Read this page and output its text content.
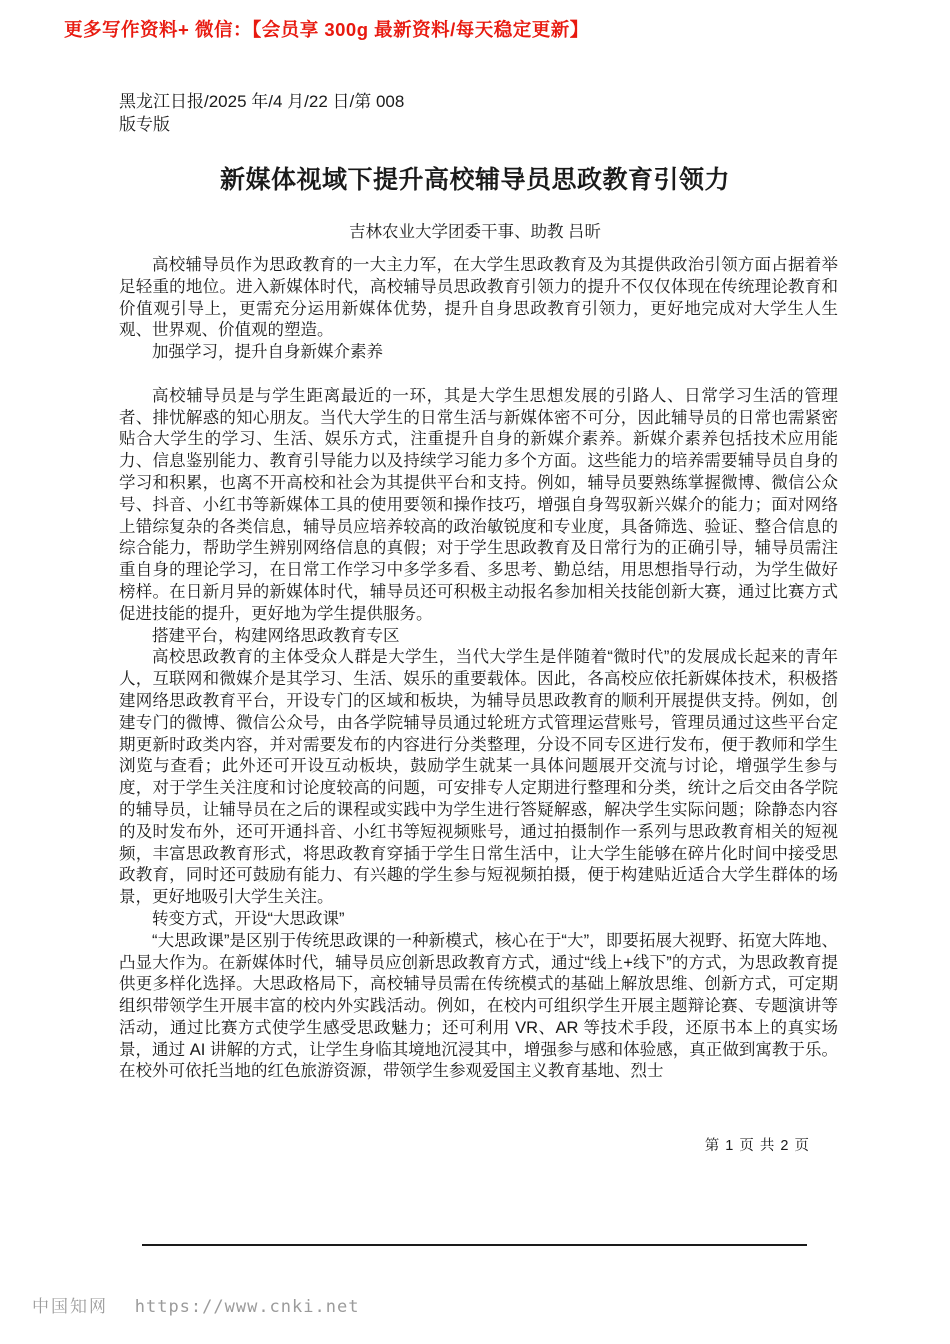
更多写作资料+ 微信：【会员享 300g 最新资料/每天稳定更新】
黑龙江日报/2025 年/4 月/22 日/第 008
版专版
新媒体视域下提升高校辅导员思政教育引领力
吉林农业大学团委干事、助教 吕昕

高校辅导员作为思政教育的一大主力军，在大学生思政教育及为其提供政治引领方面占据着举足轻重的地位。进入新媒体时代，高校辅导员思政教育引领力的提升不仅仅体现在传统理论教育和价值观引导上，更需充分运用新媒体优势，提升自身思政教育引领力，更好地完成对大学生人生观、世界观、价值观的塑造。

加强学习，提升自身新媒介素养

高校辅导员是与学生距离最近的一环，其是大学生思想发展的引路人、日常学习生活的管理者、排忧解惑的知心朋友。当代大学生的日常生活与新媒体密不可分，因此辅导员的日常也需紧密贴合大学生的学习、生活、娱乐方式，注重提升自身的新媒介素养。新媒介素养包括技术应用能力、信息鉴别能力、教育引导能力以及持续学习能力多个方面。这些能力的培养需要辅导员自身的学习和积累，也离不开高校和社会为其提供平台和支持。例如，辅导员要熟练掌握微博、微信公众号、抖音、小红书等新媒体工具的使用要领和操作技巧，增强自身驾驭新兴媒介的能力；面对网络上错综复杂的各类信息，辅导员应培养较高的政治敏锐度和专业度，具备筛选、验证、整合信息的综合能力，帮助学生辨别网络信息的真假；对于学生思政教育及日常行为的正确引导，辅导员需注重自身的理论学习，在日常工作学习中多学多看、多思考、勤总结，用思想指导行动，为学生做好榜样。在日新月异的新媒体时代，辅导员还可积极主动报名参加相关技能创新大赛，通过比赛方式促进技能的提升，更好地为学生提供服务。

搭建平台，构建网络思政教育专区

高校思政教育的主体受众人群是大学生，当代大学生是伴随着“微时代”的发展成长起来的青年人，互联网和微媒介是其学习、生活、娱乐的重要载体。因此，各高校应依托新媒体技术，积极搭建网络思政教育平台，开设专门的区域和板块，为辅导员思政教育的顺利开展提供支持。例如，创建专门的微博、微信公众号，由各学院辅导员通过轮班方式管理运营账号，管理员通过这些平台定期更新时政类内容，并对需要发布的内容进行分类整理，分设不同专区进行发布，便于教师和学生浏览与查看；此外还可开设互动板块，鼓励学生就某一具体问题展开交流与讨论，增强学生参与度，对于学生关注度和讨论度较高的问题，可安排专人定期进行整理和分类，统计之后交由各学院的辅导员，让辅导员在之后的课程或实践中为学生进行答疑解惑，解决学生实际问题；除静态内容的及时发布外，还可开通抖音、小红书等短视频账号，通过拍摄制作一系列与思政教育相关的短视频，丰富思政教育形式，将思政教育穿插于学生日常生活中，让大学生能够在碎片化时间中接受思政教育，同时还可鼓励有能力、有兴趣的学生参与短视频拍摄，便于构建贴近适合大学生群体的场景，更好地吸引大学生关注。

转变方式，开设“大思政课”

“大思政课”是区别于传统思政课的一种新模式，核心在于“大”，即要拓展大视野、拓宽大阵地、凸显大作为。在新媒体时代，辅导员应创新思政教育方式，通过“线上+线下”的方式，为思政教育提供更多样化选择。大思政格局下，高校辅导员需在传统模式的基础上解放思维、创新方式，可定期组织带领学生开展丰富的校内外实践活动。例如，在校内可组织学生开展主题辩论赛、专题演讲等活动，通过比赛方式使学生感受思政魅力；还可利用 VR、AR 等技术手段，还原书本上的真实场景，通过 AI 讲解的方式，让学生身临其境地沉浸其中，增强参与感和体验感，真正做到寓教于乐。在校外可依托当地的红色旅游资源，带领学生参观爱国主义教育基地、烈士

第 1 页 共 2 页
中国知网 https://www.cnki.net
